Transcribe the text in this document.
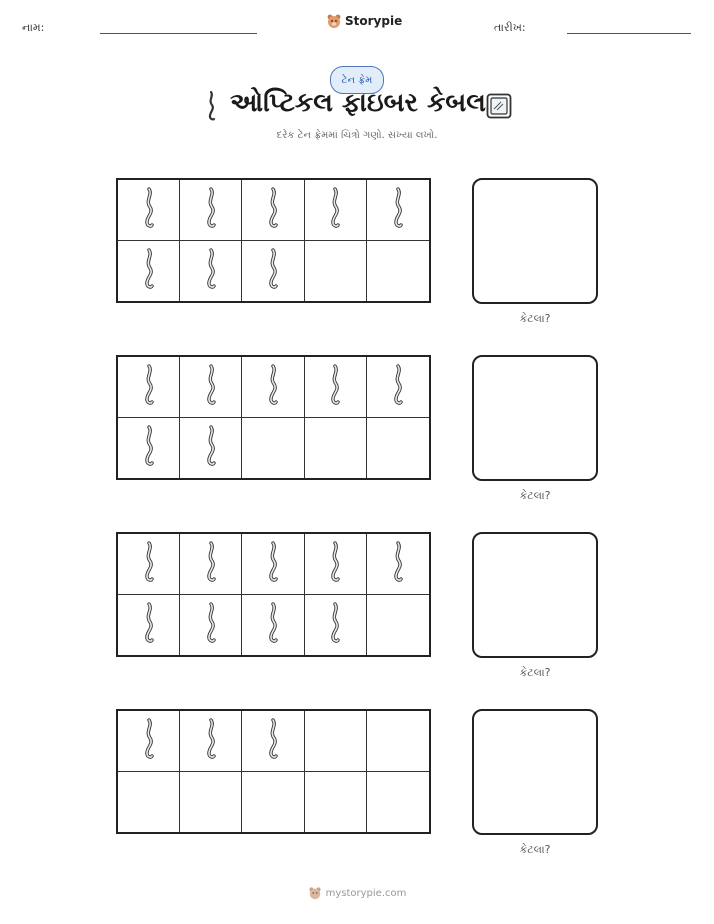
નામ:	Storypie	તારીખ:
ટેન ફ્રેમ
ઓપ્ટિકલ ફાઇબર કેબલ
દરેક ટેન ફ્રેમમાં ચિત્રો ગણો. સંખ્યા લખો.
કેટલા?
કેટલા?
કેટલા?
કેટલા?
mystorypie.com
